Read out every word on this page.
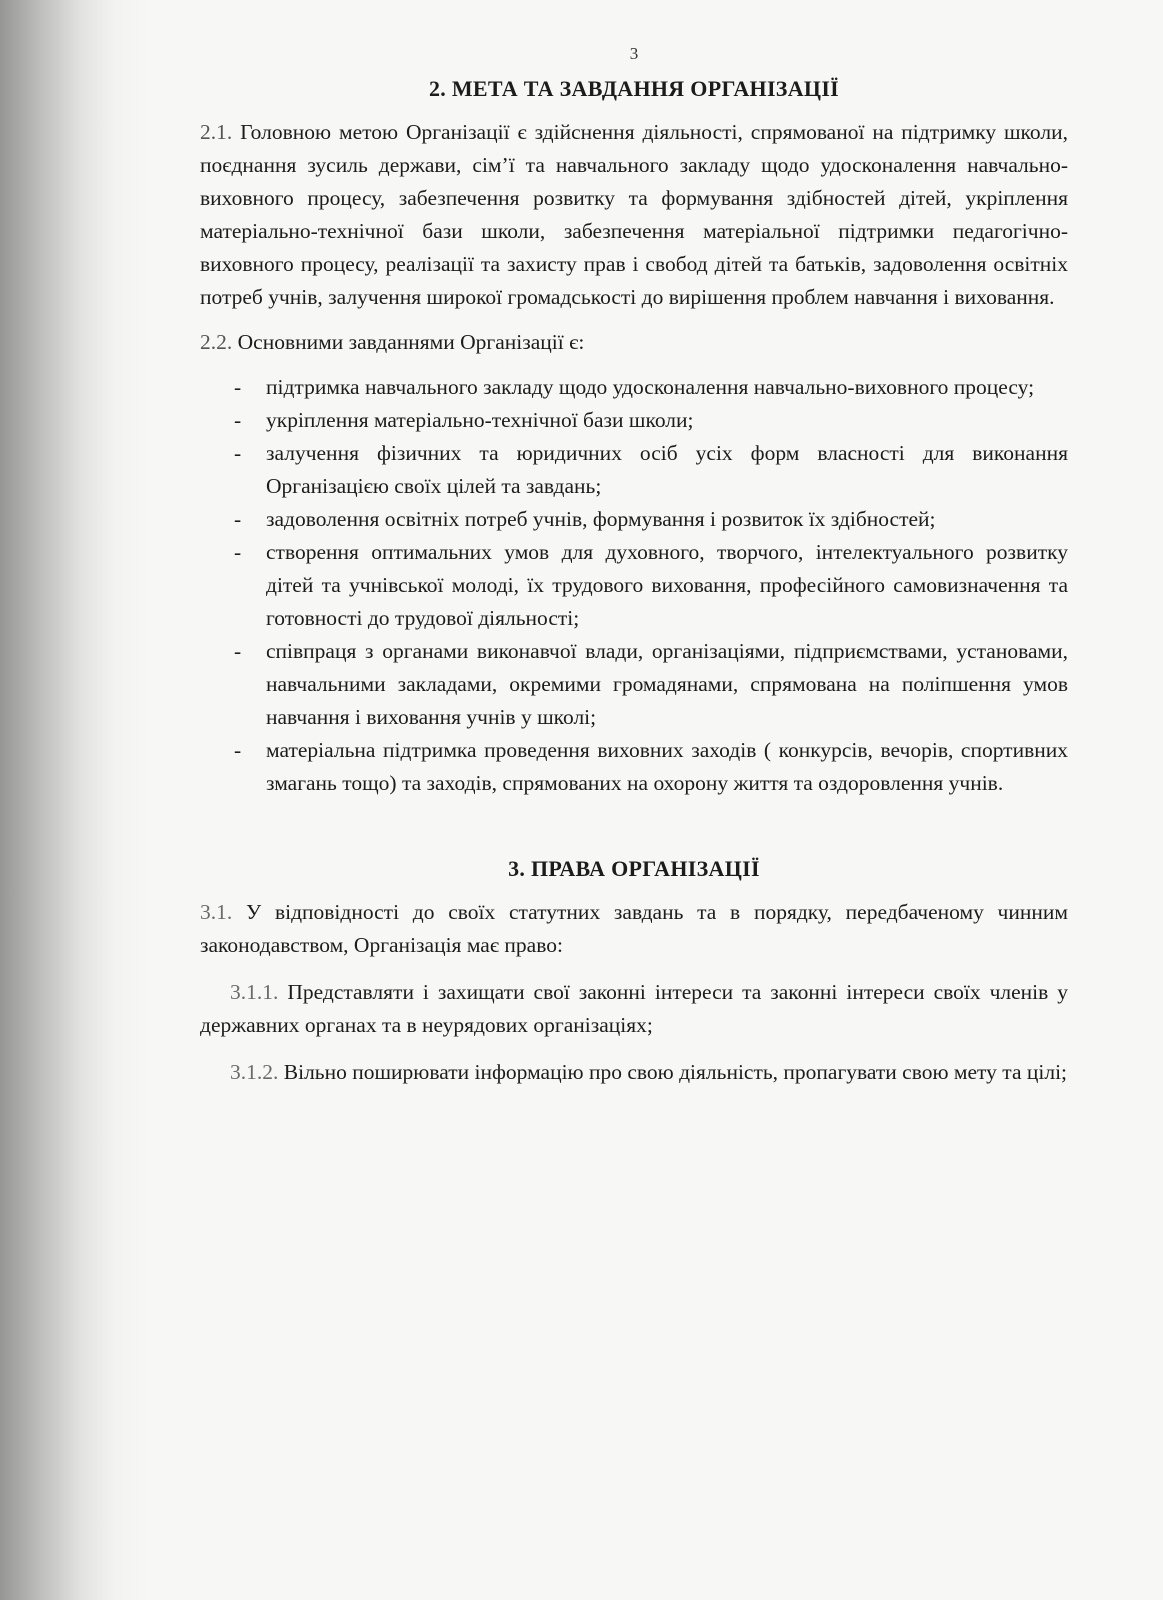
3
2. МЕТА ТА ЗАВДАННЯ ОРГАНІЗАЦІЇ

2.1. Головною метою Організації є здійснення діяльності, спрямованої на підтримку школи, поєднання зусиль держави, сім’ї та навчального закладу щодо удосконалення навчально-виховного процесу, забезпечення розвитку та формування здібностей дітей, укріплення матеріально-технічної бази школи, забезпечення матеріальної підтримки педагогічно-виховного процесу, реалізації та захисту прав і свобод дітей та батьків, задоволення освітніх потреб учнів, залучення широкої громадськості до вирішення проблем навчання і виховання.

2.2. Основними завданнями Організації є:

- підтримка навчального закладу щодо удосконалення навчально-виховного процесу;
- укріплення матеріально-технічної бази школи;
- залучення фізичних та юридичних осіб усіх форм власності для виконання Організацією своїх цілей та завдань;
- задоволення освітніх потреб учнів, формування і розвиток їх здібностей;
- створення оптимальних умов для духовного, творчого, інтелектуального розвитку дітей та учнівської молоді, їх трудового виховання, професійного самовизначення та готовності до трудової діяльності;
- співпраця з органами виконавчої влади, організаціями, підприємствами, установами, навчальними закладами, окремими громадянами, спрямована на поліпшення умов навчання і виховання учнів у школі;
- матеріальна підтримка проведення виховних заходів ( конкурсів, вечорів, спортивних змагань тощо) та заходів, спрямованих на охорону життя та оздоровлення учнів.
3. ПРАВА ОРГАНІЗАЦІЇ

3.1. У відповідності до своїх статутних завдань та в порядку, передбаченому чинним законодавством, Організація має право:

3.1.1. Представляти і захищати свої законні інтереси та законні інтереси своїх членів у державних органах та в неурядових організаціях;

3.1.2. Вільно поширювати інформацію про свою діяльність, пропагувати свою мету та цілі;
